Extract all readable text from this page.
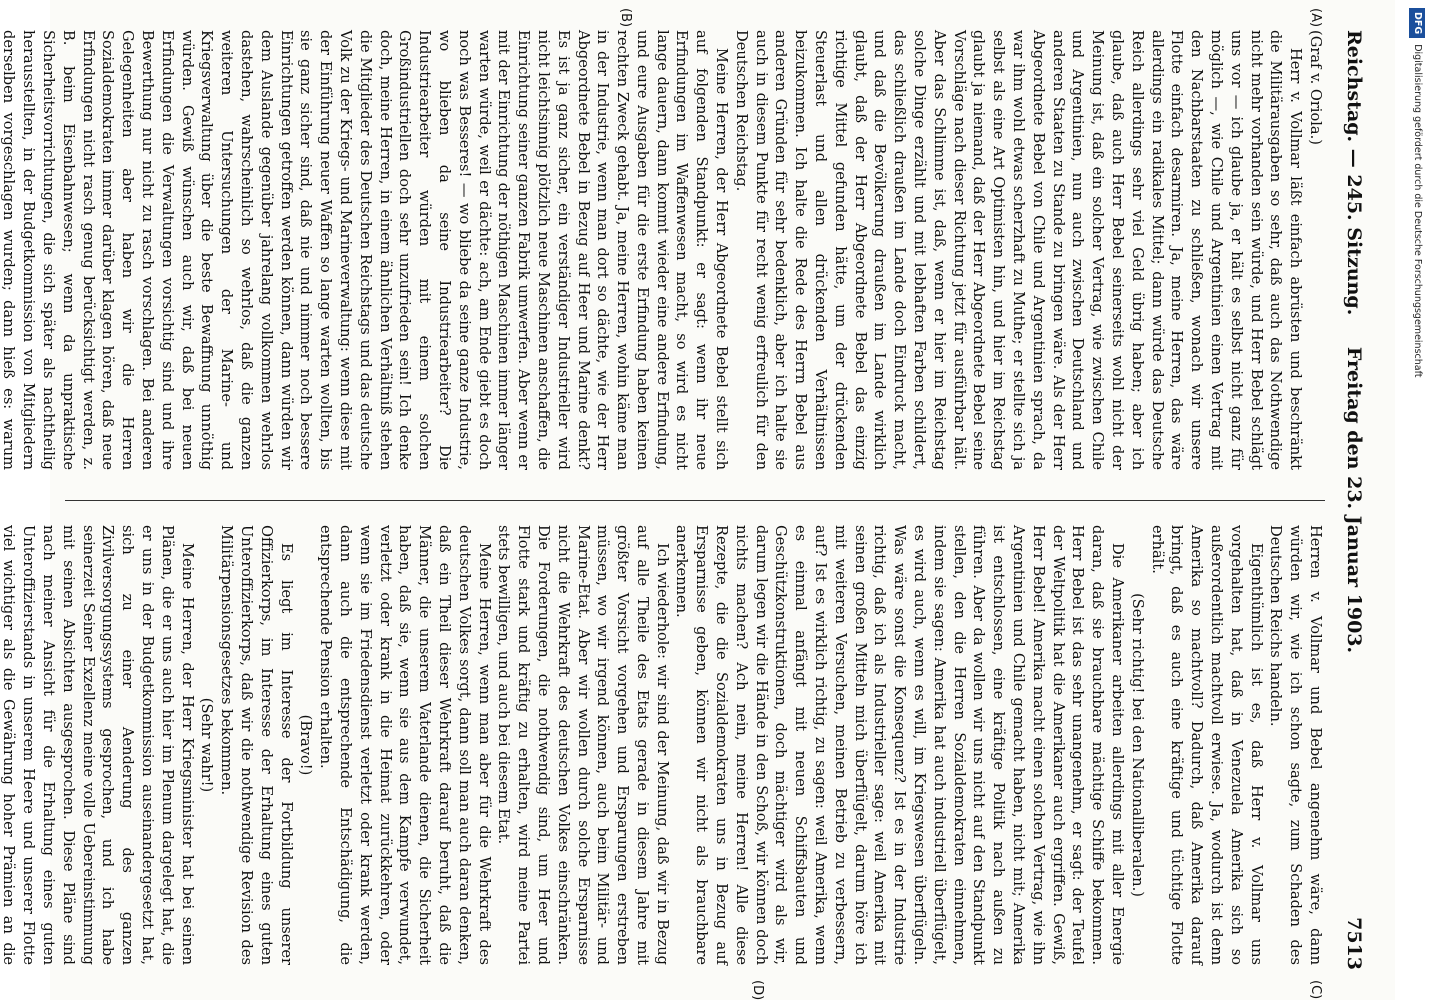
Reichstag. — 245. Sitzung.
Freitag den 23. Januar 1903.
7513
(A)
(B)
(C)
(D)

(Graf v. Oriola.)

Herr v. Vollmar läßt einfach abrüsten und beschränkt die Militärausgaben so sehr, daß auch das Nothwendige nicht mehr vorhanden sein würde, und Herr Bebel schlägt uns vor — ich glaube ja, er hält es selbst nicht ganz für möglich —, wie Chile und Argentinien einen Vertrag mit den Nachbarstaaten zu schließen, wonach wir unsere Flotte einfach desarmiren. Ja, meine Herren, das wäre allerdings ein radikales Mittel; dann würde das Deutsche Reich allerdings sehr viel Geld übrig haben; aber ich glaube, daß auch Herr Bebel seinerseits wohl nicht der Meinung ist, daß ein solcher Vertrag, wie zwischen Chile und Argentinien, nun auch zwischen Deutschland und anderen Staaten zu Stande zu bringen wäre. Als der Herr Abgeordnete Bebel von Chile und Argentinien sprach, da war ihm wohl etwas scherzhaft zu Muthe; er stellte sich ja selbst als eine Art Optimisten hin, und hier im Reichstag glaubt ja niemand, daß der Herr Abgeordnete Bebel seine Vorschläge nach dieser Richtung jetzt für ausführbar hält. Aber das Schlimme ist, daß, wenn er hier im Reichstag solche Dinge erzählt und mit lebhaften Farben schildert, das schließlich draußen im Lande doch Eindruck macht, und daß die Bevölkerung draußen im Lande wirklich glaubt, daß der Herr Abgeordnete Bebel das einzig richtige Mittel gefunden hätte, um der drückenden Steuerlast und allen drückenden Verhältnissen beizukommen. Ich halte die Rede des Herrn Bebel aus anderen Gründen für sehr bedenklich, aber ich halte sie auch in diesem Punkte für recht wenig erfreulich für den Deutschen Reichstag.

Meine Herren, der Herr Abgeordnete Bebel stellt sich auf folgenden Standpunkt: er sagt: wenn ihr neue Erfindungen im Waffenwesen macht, so wird es nicht lange dauern, dann kommt wieder eine andere Erfindung, und eure Ausgaben für die erste Erfindung haben keinen rechten Zweck gehabt. Ja, meine Herren, wohin käme man in der Industrie, wenn man dort so dächte, wie der Herr Abgeordnete Bebel in Bezug auf Heer und Marine denkt? Es ist ja ganz sicher, ein verständiger Industrieller wird nicht leichtsinnig plötzlich neue Maschinen anschaffen, die Einrichtung seiner ganzen Fabrik umwerfen. Aber wenn er mit der Einrichtung der nöthigen Maschinen immer länger warten würde, weil er dächte: ach, am Ende giebt es doch noch was Besseres! — wo bliebe da seine ganze Industrie, wo blieben da seine Industriearbeiter? Die Industriearbeiter würden mit einem solchen Großindustriellen doch sehr unzufrieden sein! Ich denke doch, meine Herren, in einem ähnlichen Verhältniß stehen die Mitglieder des Deutschen Reichstags und das deutsche Volk zu der Kriegs- und Marineverwaltung: wenn diese mit der Einführung neuer Waffen so lange warten wollten, bis sie ganz sicher sind, daß nie und nimmer noch bessere Einrichtungen getroffen werden können, dann würden wir dem Auslande gegenüber jahrelang vollkommen wehrlos dastehen, wahrscheinlich so wehrlos, daß die ganzen weiteren Untersuchungen der Marine- und Kriegsverwaltung über die beste Bewaffnung unnöthig würden. Gewiß wünschen auch wir, daß bei neuen Erfindungen die Verwaltungen vorsichtig sind und ihre Bewerthung nur nicht zu rasch vorschlagen. Bei anderen Gelegenheiten aber haben wir die Herren Sozialdemokraten immer darüber klagen hören, daß neue Erfindungen nicht rasch genug berücksichtigt werden, z. B. beim Eisenbahnwesen; wenn da unpraktische Sicherheitsvorrichtungen, die sich später als nachtheilig herausstellten, in der Budgetkommission von Mitgliedern derselben vorgeschlagen wurden; dann hieß es: warum

Herren v. Vollmar und Bebel angenehm wäre, dann würden wir, wie ich schon sagte, zum Schaden des Deutschen Reichs handeln.

Eigenthümlich ist es, daß Herr v. Vollmar uns vorgehalten hat, daß in Venezuela Amerika sich so außerordentlich machtvoll erwiese. Ja, wodurch ist denn Amerika so machtvoll? Dadurch, daß Amerika darauf bringt, daß es auch eine kräftige und tüchtige Flotte erhält.

(Sehr richtig! bei den Nationalliberalen.)

Die Amerikaner arbeiten allerdings mit aller Energie daran, daß sie brauchbare mächtige Schiffe bekommen. Herr Bebel ist das sehr unangenehm, er sagt: der Teufel der Weltpolitik hat die Amerikaner auch ergriffen. Gewiß, Herr Bebel! Amerika macht einen solchen Vertrag, wie ihn Argentinien und Chile gemacht haben, nicht mit; Amerika ist entschlossen, eine kräftige Politik nach außen zu führen. Aber da wollen wir uns nicht auf den Standpunkt stellen, den die Herren Sozialdemokraten einnehmen, indem sie sagen: Amerika hat auch industriell überflügelt, es wird auch, wenn es will, im Kriegswesen überflügeln. Was wäre sonst die Konsequenz? Ist es in der Industrie richtig, daß ich als Industrieller sage: weil Amerika mit seinen großen Mitteln mich überflügelt, darum höre ich mit weiteren Versuchen, meinen Betrieb zu verbessern, auf? Ist es wirklich richtig, zu sagen: weil Amerika, wenn es einmal anfängt mit neuen Schiffsbauten und Geschützkonstruktionen, doch mächtiger wird als wir, darum legen wir die Hände in den Schoß, wir können doch nichts machen? Ach nein, meine Herren! Alle diese Rezepte, die die Sozialdemokraten uns in Bezug auf Ersparnisse geben, können wir nicht als brauchbare anerkennen.

Ich wiederhole: wir sind der Meinung, daß wir in Bezug auf alle Theile des Etats gerade in diesem Jahre mit größter Vorsicht vorgehen und Ersparungen erstreben müssen, wo wir irgend können, auch beim Militär- und Marine-Etat. Aber wir wollen durch solche Ersparnisse nicht die Wehrkraft des deutschen Volkes einschränken. Die Forderungen, die nothwendig sind, um Heer und Flotte stark und kräftig zu erhalten, wird meine Partei stets bewilligen, und auch bei diesem Etat.

Meine Herren, wenn man aber für die Wehrkraft des deutschen Volkes sorgt, dann soll man auch daran denken, daß ein Theil dieser Wehrkraft darauf beruht, daß die Männer, die unserem Vaterlande dienen, die Sicherheit haben, daß sie, wenn sie aus dem Kampfe verwundet, verletzt oder krank in die Heimat zurückkehren, oder wenn sie im Friedensdienst verletzt oder krank werden, dann auch die entsprechende Entschädigung, die entsprechende Pension erhalten.

(Bravo!)

Es liegt im Interesse der Fortbildung unserer Offizierkorps, im Interesse der Erhaltung eines guten Unteroffizierkorps, daß wir die nothwendige Revision des Militärpensionsgesetzes bekommen.

(Sehr wahr!)

Meine Herren, der Herr Kriegsminister hat bei seinen Plänen, die er uns auch hier im Plenum dargelegt hat, die er uns in der Budgetkommission auseinandergesetzt hat, sich zu einer Aenderung des ganzen Zivilversorgungssystems gesprochen, und ich habe seinerzeit Seiner Exzellenz meine volle Uebereinstimmung mit seinen Absichten ausgesprochen. Diese Pläne sind nach meiner Ansicht für die Erhaltung eines guten Unteroffizierstands in unserem Heere und unserer Flotte viel wichtiger als die Gewährung hoher Prämien an die

DFGDigitalisierung gefördert durch die Deutsche Forschungsgemeinschaft
